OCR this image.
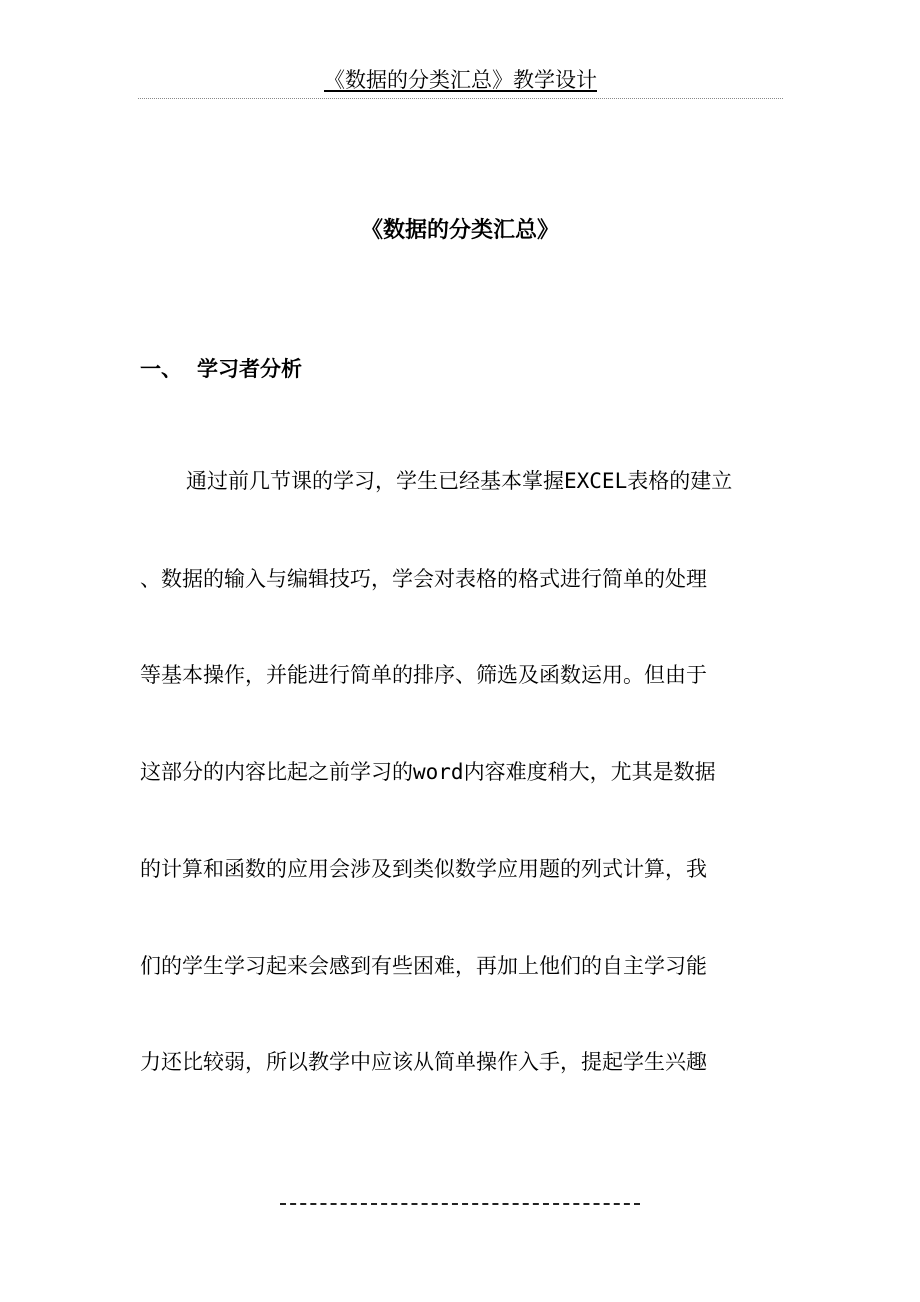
《数据的分类汇总》教学设计
《数据的分类汇总》
一、 学习者分析
通过前几节课的学习，学生已经基本掌握EXCEL表格的建立
、数据的输入与编辑技巧，学会对表格的格式进行简单的处理
等基本操作，并能进行简单的排序、筛选及函数运用。但由于
这部分的内容比起之前学习的word内容难度稍大，尤其是数据
的计算和函数的应用会涉及到类似数学应用题的列式计算，我
们的学生学习起来会感到有些困难，再加上他们的自主学习能
力还比较弱，所以教学中应该从简单操作入手，提起学生兴趣
